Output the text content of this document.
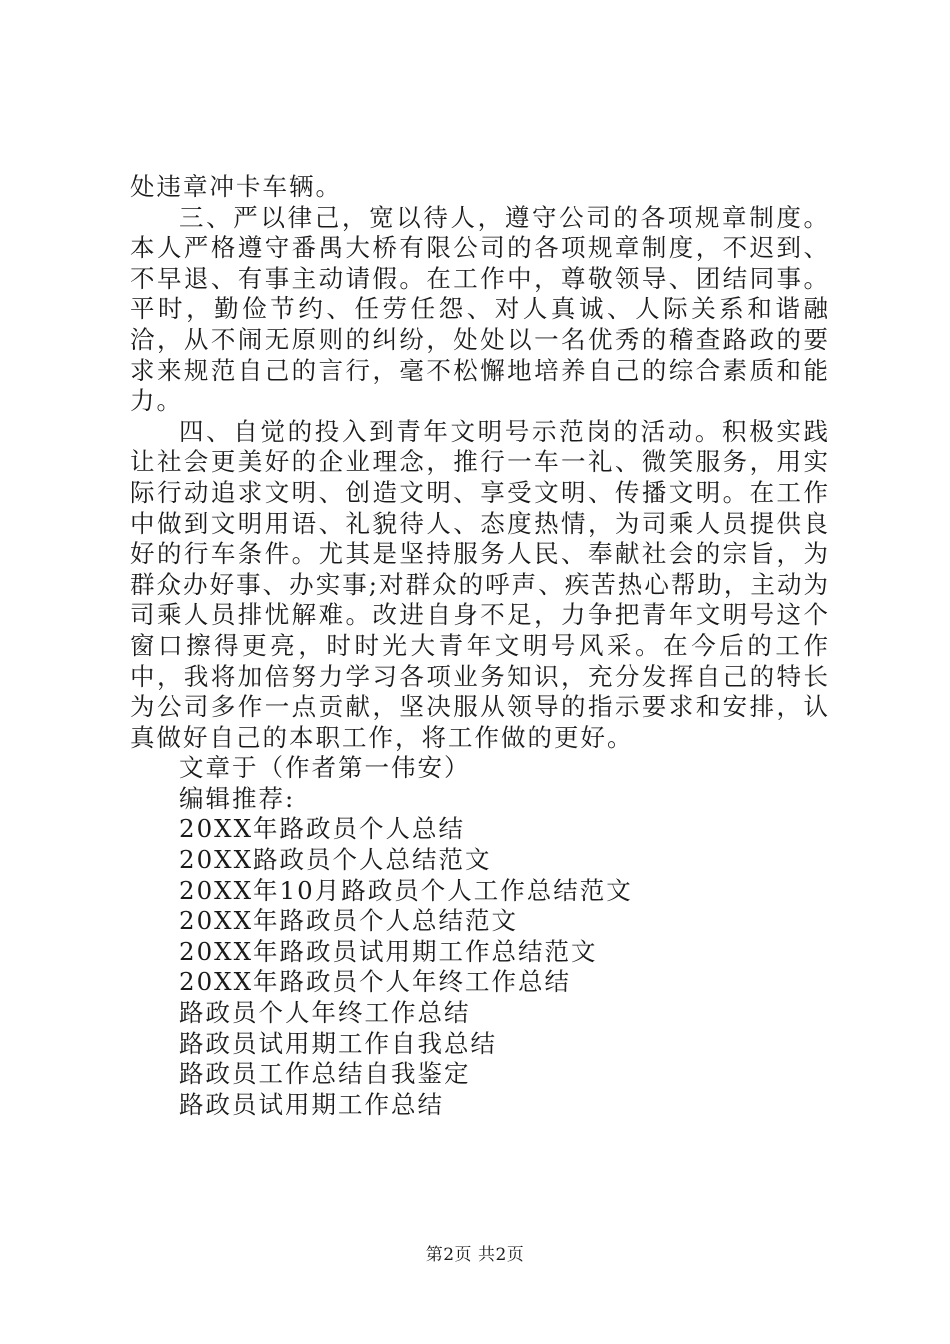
处违章冲卡车辆。

三、严以律己，宽以待人，遵守公司的各项规章制度。本人严格遵守番禺大桥有限公司的各项规章制度，不迟到、不早退、有事主动请假。在工作中，尊敬领导、团结同事。平时，勤俭节约、任劳任怨、对人真诚、人际关系和谐融洽，从不闹无原则的纠纷，处处以一名优秀的稽查路政的要求来规范自己的言行，毫不松懈地培养自己的综合素质和能力。

四、自觉的投入到青年文明号示范岗的活动。积极实践让社会更美好的企业理念，推行一车一礼、微笑服务，用实际行动追求文明、创造文明、享受文明、传播文明。在工作中做到文明用语、礼貌待人、态度热情，为司乘人员提供良好的行车条件。尤其是坚持服务人民、奉献社会的宗旨，为群众办好事、办实事;对群众的呼声、疾苦热心帮助，主动为司乘人员排忧解难。改进自身不足，力争把青年文明号这个窗口擦得更亮，时时光大青年文明号风采。在今后的工作中，我将加倍努力学习各项业务知识，充分发挥自己的特长为公司多作一点贡献，坚决服从领导的指示要求和安排，认真做好自己的本职工作，将工作做的更好。

文章于（作者第一伟安）

编辑推荐:

20XX年路政员个人总结
20XX路政员个人总结范文
20XX年10月路政员个人工作总结范文
20XX年路政员个人总结范文
20XX年路政员试用期工作总结范文
20XX年路政员个人年终工作总结
路政员个人年终工作总结
路政员试用期工作自我总结
路政员工作总结自我鉴定
路政员试用期工作总结
第2页 共2页
